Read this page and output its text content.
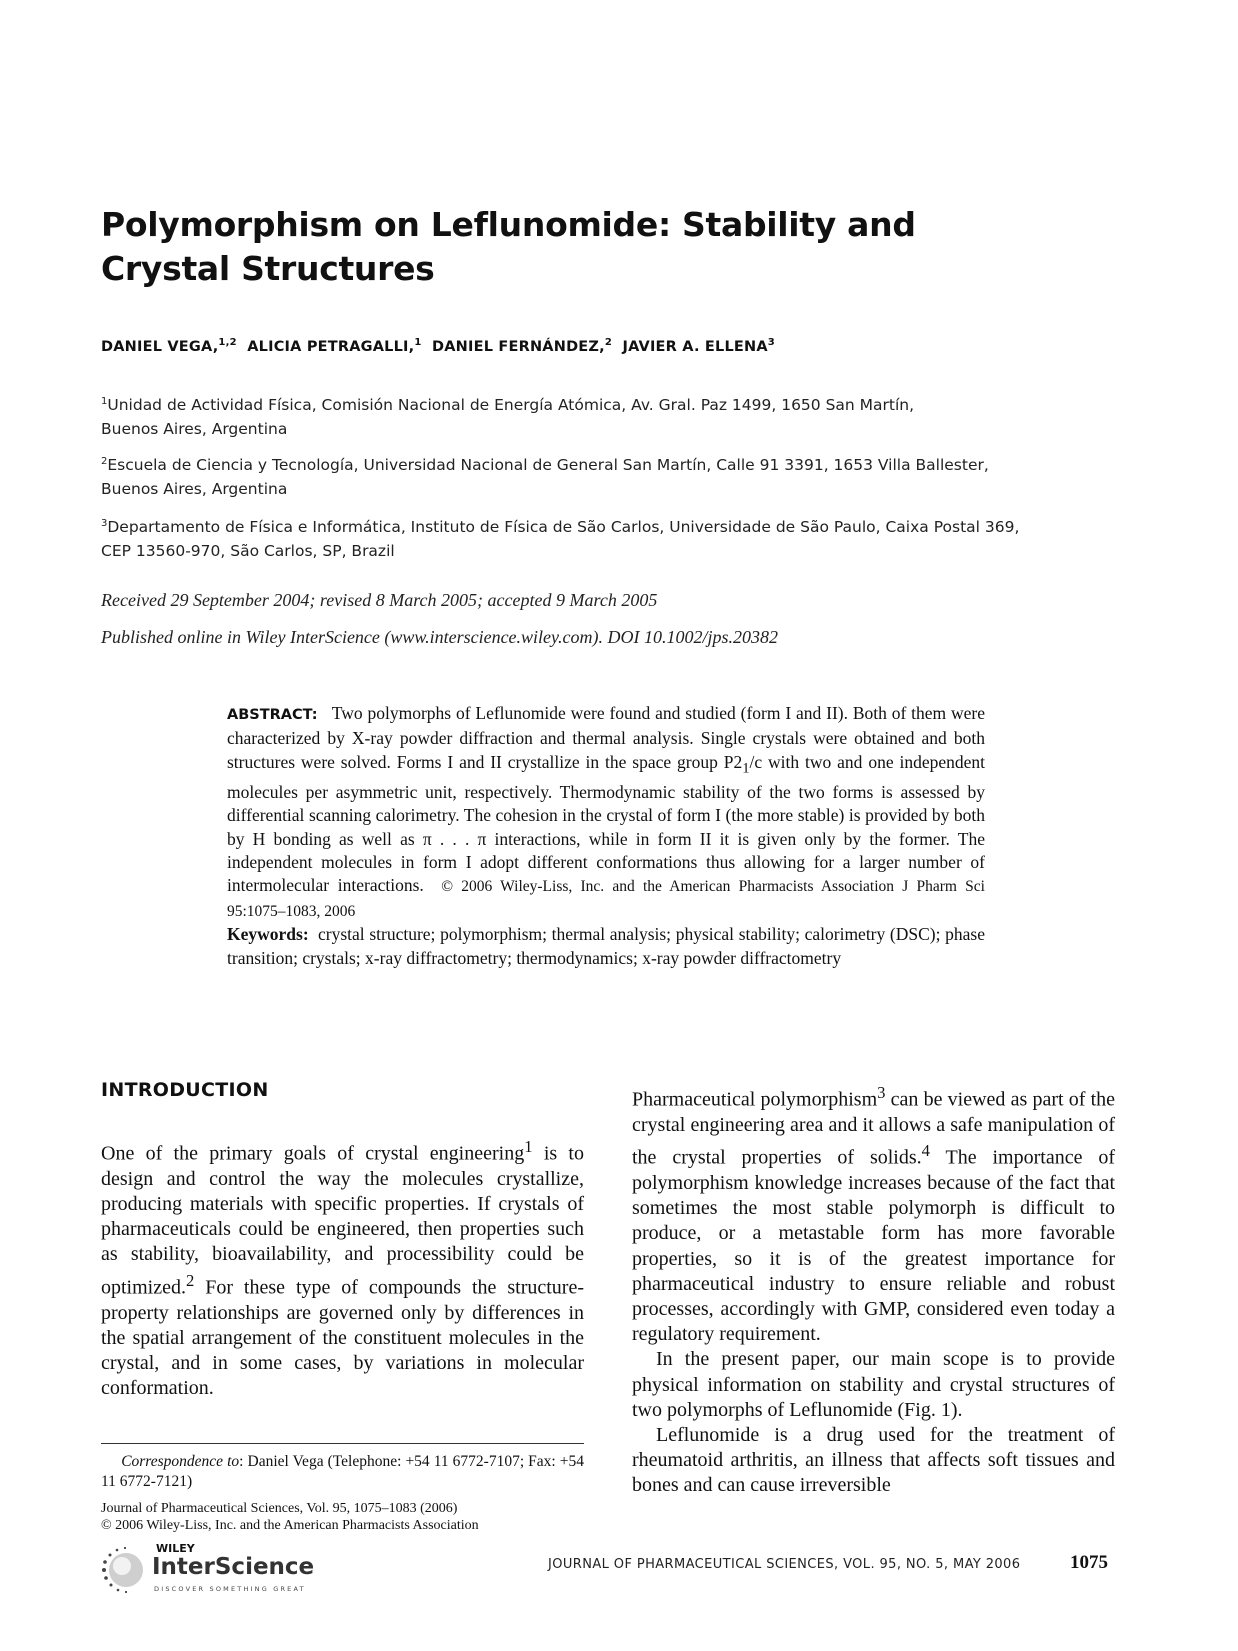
Polymorphism on Leflunomide: Stability and
Crystal Structures
DANIEL VEGA,$^{1,2}$ ALICIA PETRAGALLI,$^1$ DANIEL FERNÁNDEZ,$^2$ JAVIER A. ELLENA$^3$
$^1$Unidad de Actividad Física, Comisión Nacional de Energía Atómica, Av. Gral. Paz 1499, 1650 San Martín,
Buenos Aires, Argentina
$^2$Escuela de Ciencia y Tecnología, Universidad Nacional de General San Martín, Calle 91 3391, 1653 Villa Ballester,
Buenos Aires, Argentina
$^3$Departamento de Física e Informática, Instituto de Física de São Carlos, Universidade de São Paulo, Caixa Postal 369,
CEP 13560-970, São Carlos, SP, Brazil
Received 29 September 2004; revised 8 March 2005; accepted 9 March 2005
Published online in Wiley InterScience (www.interscience.wiley.com). DOI 10.1002/jps.20382
ABSTRACT: Two polymorphs of Leflunomide were found and studied (form I and II). Both of them were characterized by X-ray powder diffraction and thermal analysis. Single crystals were obtained and both structures were solved. Forms I and II crystallize in the space group $P2_1/c$ with two and one independent molecules per asymmetric unit, respectively. Thermodynamic stability of the two forms is assessed by differential scanning calorimetry. The cohesion in the crystal of form I (the more stable) is provided by both by H bonding as well as π . . . π interactions, while in form II it is given only by the former. The independent molecules in form I adopt different conformations thus allowing for a larger number of intermolecular interactions. © 2006 Wiley-Liss, Inc. and the American Pharmacists Association J Pharm Sci 95:1075–1083, 2006
Keywords: crystal structure; polymorphism; thermal analysis; physical stability; calorimetry (DSC); phase transition; crystals; x-ray diffractometry; thermodynamics; x-ray powder diffractometry
INTRODUCTION

One of the primary goals of crystal engineering$^1$ is to design and control the way the molecules crystallize, producing materials with specific properties. If crystals of pharmaceuticals could be engineered, then properties such as stability, bioavailability, and processibility could be optimized.$^2$ For these type of compounds the structure-property relationships are governed only by differences in the spatial arrangement of the constituent molecules in the crystal, and in some cases, by variations in molecular conformation.

Pharmaceutical polymorphism$^3$ can be viewed as part of the crystal engineering area and it allows a safe manipulation of the crystal properties of solids.$^4$ The importance of polymorphism knowledge increases because of the fact that sometimes the most stable polymorph is difficult to produce, or a metastable form has more favorable properties, so it is of the greatest importance for pharmaceutical industry to ensure reliable and robust processes, accordingly with GMP, considered even today a regulatory requirement.

In the present paper, our main scope is to provide physical information on stability and crystal structures of two polymorphs of Leflunomide (Fig. 1).

Leflunomide is a drug used for the treatment of rheumatoid arthritis, an illness that affects soft tissues and bones and can cause irreversible

Correspondence to: Daniel Vega (Telephone: +54 11 6772-7107; Fax: +54 11 6772-7121)
Journal of Pharmaceutical Sciences, Vol. 95, 1075–1083 (2006)
© 2006 Wiley-Liss, Inc. and the American Pharmacists Association
WILEY
InterScience
DISCOVER SOMETHING GREAT
JOURNAL OF PHARMACEUTICAL SCIENCES, VOL. 95, NO. 5, MAY 2006	1075
